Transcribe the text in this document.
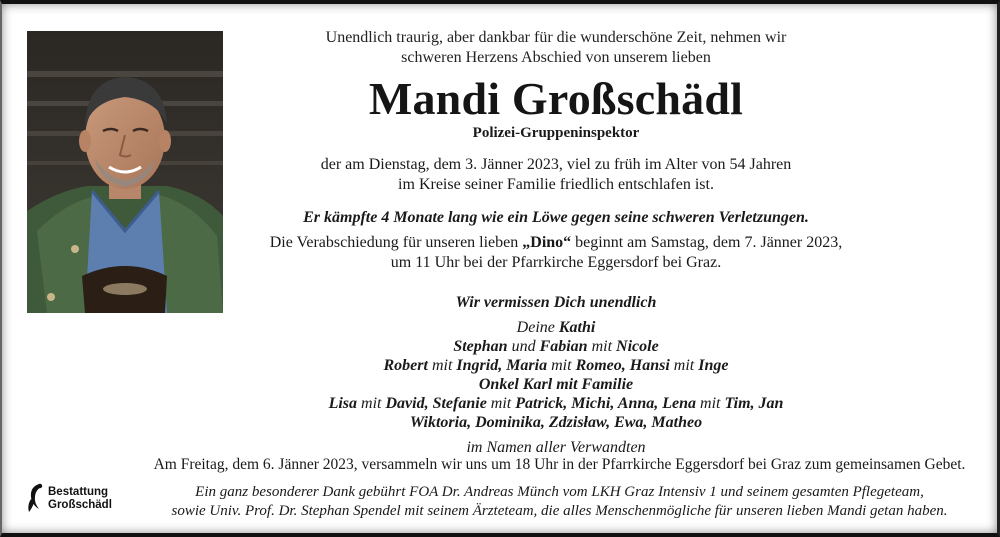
Unendlich traurig, aber dankbar für die wunderschöne Zeit, nehmen wir
schweren Herzens Abschied von unserem lieben
Mandi Großschädl
Polizei-Gruppeninspektor
der am Dienstag, dem 3. Jänner 2023, viel zu früh im Alter von 54 Jahren
im Kreise seiner Familie friedlich entschlafen ist.
Er kämpfte 4 Monate lang wie ein Löwe gegen seine schweren Verletzungen.
Die Verabschiedung für unseren lieben „Dino“ beginnt am Samstag, dem 7. Jänner 2023,
um 11 Uhr bei der Pfarrkirche Eggersdorf bei Graz.
Wir vermissen Dich unendlich
Deine Kathi
Stephan und Fabian mit Nicole
Robert mit Ingrid, Maria mit Romeo, Hansi mit Inge
Onkel Karl mit Familie
Lisa mit David, Stefanie mit Patrick, Michi, Anna, Lena mit Tim, Jan
Wiktoria, Dominika, Zdzisław, Ewa, Matheo
im Namen aller Verwandten
Am Freitag, dem 6. Jänner 2023, versammeln wir uns um 18 Uhr in der Pfarrkirche Eggersdorf bei Graz zum gemeinsamen Gebet.
Ein ganz besonderer Dank gebührt FOA Dr. Andreas Münch vom LKH Graz Intensiv 1 und seinem gesamten Pflegeteam,
sowie Univ. Prof. Dr. Stephan Spendel mit seinem Ärzteteam, die alles Menschenmögliche für unseren lieben Mandi getan haben.
Bestattung
Großschädl
